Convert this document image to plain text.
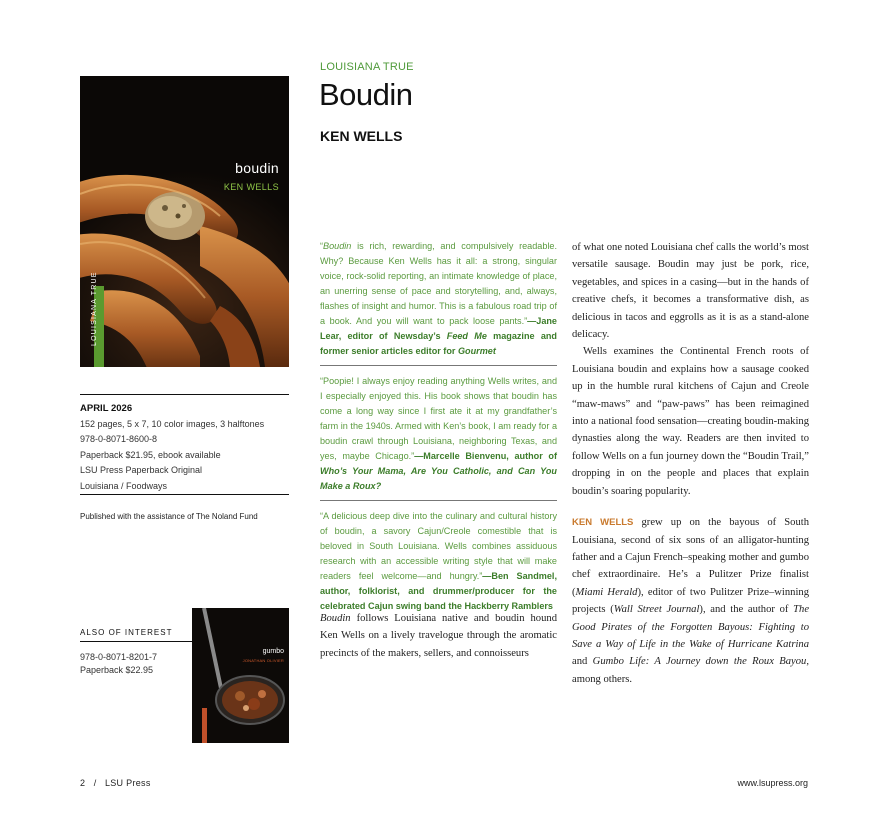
boudin
KEN WELLS
LOUISIANA TRUE
APRIL 2026
152 pages, 5 x 7, 10 color images, 3 halftones
978-0-8071-8600-8
Paperback $21.95, ebook available
LSU Press Paperback Original
Louisiana / Foodways
Published with the assistance of The Noland Fund
ALSO OF INTEREST
978-0-8071-8201-7
Paperback $22.95
gumbo
JONATHAN OLIVIER
LOUISIANA TRUE
Boudin
KEN WELLS
“Boudin is rich, rewarding, and compulsively readable. Why? Because Ken Wells has it all: a strong, singular voice, rock-solid reporting, an intimate knowledge of place, an unerring sense of pace and storytelling, and, always, flashes of insight and humor. This is a fabulous road trip of a book. And you will want to pack loose pants.”—Jane Lear, editor of Newsday’s Feed Me magazine and former senior articles editor for Gourmet
“Poopie! I always enjoy reading anything Wells writes, and I especially enjoyed this. His book shows that boudin has come a long way since I first ate it at my grandfather’s farm in the 1940s. Armed with Ken’s book, I am ready for a boudin crawl through Louisiana, neighboring Texas, and yes, maybe Chicago.”—Marcelle Bienvenu, author of Who’s Your Mama, Are You Catholic, and Can You Make a Roux?
“A delicious deep dive into the culinary and cultural history of boudin, a savory Cajun/Creole comestible that is beloved in South Louisiana. Wells combines assiduous research with an accessible writing style that will make readers feel welcome—and hungry.”—Ben Sandmel, author, folklorist, and drummer/producer for the celebrated Cajun swing band the Hackberry Ramblers
Boudin follows Louisiana native and boudin hound Ken Wells on a lively travelogue through the aromatic precincts of the makers, sellers, and connoisseurs

of what one noted Louisiana chef calls the world’s most versatile sausage. Boudin may just be pork, rice, vegetables, and spices in a casing—but in the hands of creative chefs, it becomes a transformative dish, as delicious in tacos and eggrolls as it is as a stand-alone delicacy.

Wells examines the Continental French roots of Louisiana boudin and explains how a sausage cooked up in the humble rural kitchens of Cajun and Creole “maw-maws” and “paw-paws” has been reimagined into a national food sensation—creating boudin-making dynasties along the way. Readers are then invited to follow Wells on a fun journey down the “Boudin Trail,” dropping in on the people and places that explain boudin’s soaring popularity.

KEN WELLS grew up on the bayous of South Louisiana, second of six sons of an alligator-hunting father and a Cajun French–speaking mother and gumbo chef extraordinaire. He’s a Pulitzer Prize finalist (Miami Herald), editor of two Pulitzer Prize–winning projects (Wall Street Journal), and the author of The Good Pirates of the Forgotten Bayous: Fighting to Save a Way of Life in the Wake of Hurricane Katrina and Gumbo Life: A Journey down the Roux Bayou, among others.

2 / LSU Press	www.lsupress.org
